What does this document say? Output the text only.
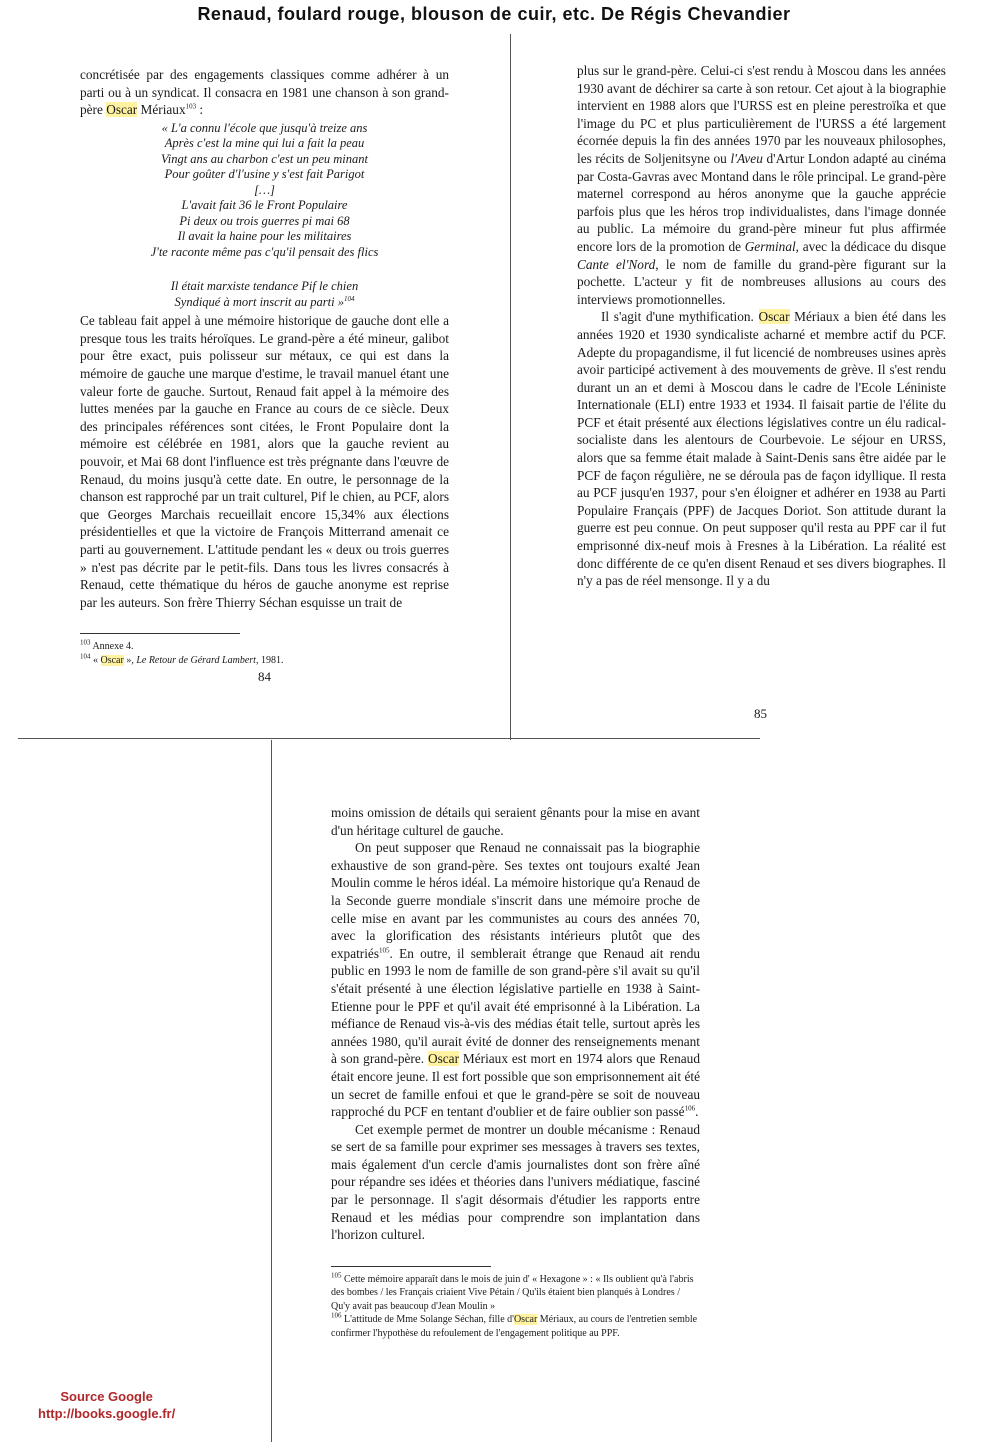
Renaud, foulard rouge, blouson de cuir, etc. De Régis Chevandier

concrétisée par des engagements classiques comme adhérer à un parti ou à un syndicat. Il consacra en 1981 une chanson à son grand-père Oscar Mériaux$^{103}$ :

« L'a connu l'école que jusqu'à treize ans
Après c'est la mine qui lui a fait la peau
Vingt ans au charbon c'est un peu minant
Pour goûter d'l'usine y s'est fait Parigot
[…]
L'avait fait 36 le Front Populaire
Pi deux ou trois guerres pi mai 68
Il avait la haine pour les militaires
J'te raconte même pas c'qu'il pensait des flics
Il était marxiste tendance Pif le chien
Syndiqué à mort inscrit au parti »$^{104}$

Ce tableau fait appel à une mémoire historique de gauche dont elle a presque tous les traits héroïques. Le grand-père a été mineur, galibot pour être exact, puis polisseur sur métaux, ce qui est dans la mémoire de gauche une marque d'estime, le travail manuel étant une valeur forte de gauche. Surtout, Renaud fait appel à la mémoire des luttes menées par la gauche en France au cours de ce siècle. Deux des principales références sont citées, le Front Populaire dont la mémoire est célébrée en 1981, alors que la gauche revient au pouvoir, et Mai 68 dont l'influence est très prégnante dans l'œuvre de Renaud, du moins jusqu'à cette date. En outre, le personnage de la chanson est rapproché par un trait culturel, Pif le chien, au PCF, alors que Georges Marchais recueillait encore 15,34% aux élections présidentielles et que la victoire de François Mitterrand amenait ce parti au gouvernement. L'attitude pendant les « deux ou trois guerres » n'est pas décrite par le petit-fils. Dans tous les livres consacrés à Renaud, cette thématique du héros de gauche anonyme est reprise par les auteurs. Son frère Thierry Séchan esquisse un trait de

$^{103}$ Annexe 4.
$^{104}$ « Oscar », Le Retour de Gérard Lambert, 1981.
84

plus sur le grand-père. Celui-ci s'est rendu à Moscou dans les années 1930 avant de déchirer sa carte à son retour. Cet ajout à la biographie intervient en 1988 alors que l'URSS est en pleine perestroïka et que l'image du PC et plus particulièrement de l'URSS a été largement écornée depuis la fin des années 1970 par les nouveaux philosophes, les récits de Soljenitsyne ou l'Aveu d'Artur London adapté au cinéma par Costa-Gavras avec Montand dans le rôle principal. Le grand-père maternel correspond au héros anonyme que la gauche apprécie parfois plus que les héros trop individualistes, dans l'image donnée au public. La mémoire du grand-père mineur fut plus affirmée encore lors de la promotion de Germinal, avec la dédicace du disque Cante el'Nord, le nom de famille du grand-père figurant sur la pochette. L'acteur y fit de nombreuses allusions au cours des interviews promotionnelles.

Il s'agit d'une mythification. Oscar Mériaux a bien été dans les années 1920 et 1930 syndicaliste acharné et membre actif du PCF. Adepte du propagandisme, il fut licencié de nombreuses usines après avoir participé activement à des mouvements de grève. Il s'est rendu durant un an et demi à Moscou dans le cadre de l'Ecole Léniniste Internationale (ELI) entre 1933 et 1934. Il faisait partie de l'élite du PCF et était présenté aux élections législatives contre un élu radical-socialiste dans les alentours de Courbevoie. Le séjour en URSS, alors que sa femme était malade à Saint-Denis sans être aidée par le PCF de façon régulière, ne se déroula pas de façon idyllique. Il resta au PCF jusqu'en 1937, pour s'en éloigner et adhérer en 1938 au Parti Populaire Français (PPF) de Jacques Doriot. Son attitude durant la guerre est peu connue. On peut supposer qu'il resta au PPF car il fut emprisonné dix-neuf mois à Fresnes à la Libération. La réalité est donc différente de ce qu'en disent Renaud et ses divers biographes. Il n'y a pas de réel mensonge. Il y a du

85

moins omission de détails qui seraient gênants pour la mise en avant d'un héritage culturel de gauche.

On peut supposer que Renaud ne connaissait pas la biographie exhaustive de son grand-père. Ses textes ont toujours exalté Jean Moulin comme le héros idéal. La mémoire historique qu'a Renaud de la Seconde guerre mondiale s'inscrit dans une mémoire proche de celle mise en avant par les communistes au cours des années 70, avec la glorification des résistants intérieurs plutôt que des expatriés$^{105}$. En outre, il semblerait étrange que Renaud ait rendu public en 1993 le nom de famille de son grand-père s'il avait su qu'il s'était présenté à une élection législative partielle en 1938 à Saint-Etienne pour le PPF et qu'il avait été emprisonné à la Libération. La méfiance de Renaud vis-à-vis des médias était telle, surtout après les années 1980, qu'il aurait évité de donner des renseignements menant à son grand-père. Oscar Mériaux est mort en 1974 alors que Renaud était encore jeune. Il est fort possible que son emprisonnement ait été un secret de famille enfoui et que le grand-père se soit de nouveau rapproché du PCF en tentant d'oublier et de faire oublier son passé$^{106}$.

Cet exemple permet de montrer un double mécanisme : Renaud se sert de sa famille pour exprimer ses messages à travers ses textes, mais également d'un cercle d'amis journalistes dont son frère aîné pour répandre ses idées et théories dans l'univers médiatique, fasciné par le personnage. Il s'agit désormais d'étudier les rapports entre Renaud et les médias pour comprendre son implantation dans l'horizon culturel.

$^{105}$ Cette mémoire apparaît dans le mois de juin d' « Hexagone » : « Ils oublient qu'à l'abris des bombes / les Français criaient Vive Pétain / Qu'ils étaient bien planqués à Londres / Qu'y avait pas beaucoup d'Jean Moulin »
$^{106}$ L'attitude de Mme Solange Séchan, fille d'Oscar Mériaux, au cours de l'entretien semble confirmer l'hypothèse du refoulement de l'engagement politique au PPF.
Source Google
http://books.google.fr/
